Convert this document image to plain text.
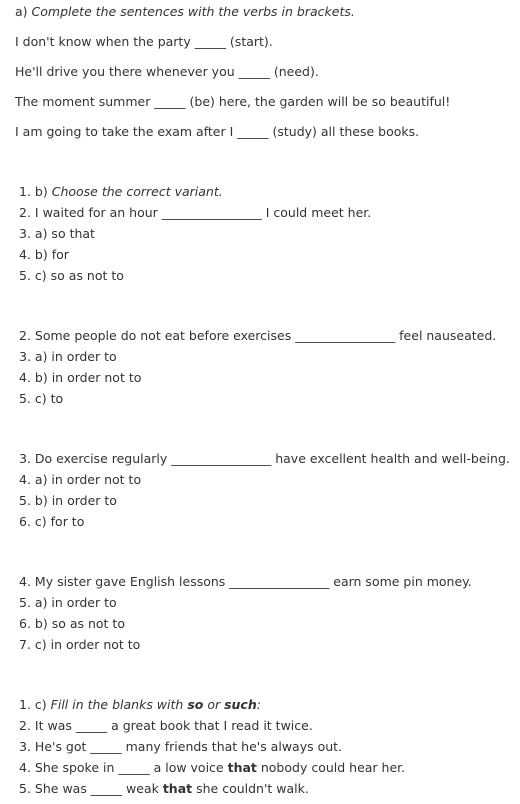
a) Complete the sentences with the verbs in brackets.
I don't know when the party _____ (start).
He'll drive you there whenever you _____ (need).
The moment summer _____ (be) here, the garden will be so beautiful!
I am going to take the exam after I _____ (study) all these books.
1. b) Choose the correct variant.
2. I waited for an hour ________________ I could meet her.
3. a) so that
4. b) for
5. c) so as not to
2. Some people do not eat before exercises ________________ feel nauseated.
3. a) in order to
4. b) in order not to
5. c) to
3. Do exercise regularly ________________ have excellent health and well-being.
4. a) in order not to
5. b) in order to
6. c) for to
4. My sister gave English lessons ________________ earn some pin money.
5. a) in order to
6. b) so as not to
7. c) in order not to
1. c) Fill in the blanks with so or such:
2. It was _____ a great book that I read it twice.
3. He's got _____ many friends that he's always out.
4. She spoke in _____ a low voice that nobody could hear her.
5. She was _____ weak that she couldn't walk.
